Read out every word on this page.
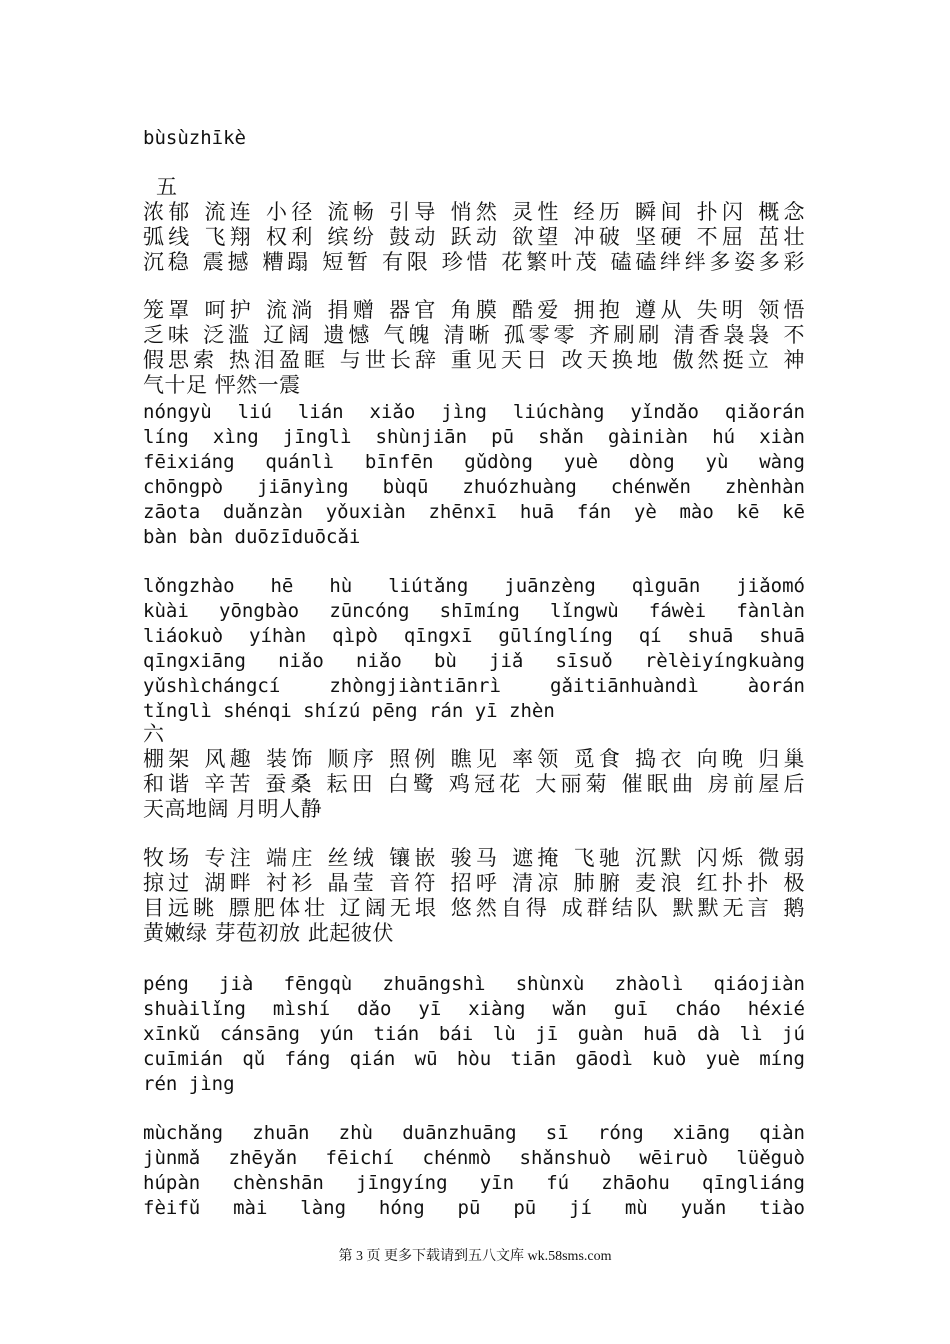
bùsùzhīkè
五
浓郁 流连 小径 流畅 引导 悄然 灵性 经历 瞬间 扑闪 概念
弧线 飞翔 权利 缤纷 鼓动 跃动 欲望 冲破 坚硬 不屈 茁壮
沉稳 震撼 糟蹋 短暂 有限 珍惜 花繁叶茂 磕磕绊绊多姿多彩
笼罩 呵护 流淌 捐赠 器官 角膜 酷爱 拥抱 遵从 失明 领悟
乏味 泛滥 辽阔 遗憾 气魄 清晰 孤零零 齐刷刷 清香袅袅 不
假思索 热泪盈眶 与世长辞 重见天日 改天换地 傲然挺立 神
气十足 怦然一震
nóngyù liú lián xiǎo jìng liúchàng yǐndǎo qiǎorán
líng xìng jīnglì shùnjiān pū shǎn gàiniàn hú xiàn
fēixiáng quánlì bīnfēn gǔdòng yuè dòng yù wàng
chōngpò jiānyìng bùqū zhuózhuàng chénwěn zhènhàn
zāota duǎnzàn yǒuxiàn zhēnxī huā fán yè mào kē kē
bàn bàn duōzīduōcǎi
lǒngzhào hē hù liútǎng juānzèng qìguān jiǎomó
kùài yōngbào zūncóng shīmíng lǐngwù fáwèi fànlàn
liáokuò yíhàn qìpò qīngxī gūlínglíng qí shuā shuā
qīngxiāng niǎo niǎo bù jiǎ sīsuǒ rèlèiyíngkuàng
yǔshìchángcí zhòngjiàntiānrì gǎitiānhuàndì àorán
tǐnglì shénqi shízú pēng rán yī zhèn
六
棚架 风趣 装饰 顺序 照例 瞧见 率领 觅食 捣衣 向晚 归巢
和谐 辛苦 蚕桑 耘田 白鹭 鸡冠花 大丽菊 催眠曲 房前屋后
天高地阔 月明人静
牧场 专注 端庄 丝绒 镶嵌 骏马 遮掩 飞驰 沉默 闪烁 微弱
掠过 湖畔 衬衫 晶莹 音符 招呼 清凉 肺腑 麦浪 红扑扑 极
目远眺 膘肥体壮 辽阔无垠 悠然自得 成群结队 默默无言 鹅
黄嫩绿 芽苞初放 此起彼伏
péng jià fēngqù zhuāngshì shùnxù zhàolì qiáojiàn
shuàilǐng mìshí dǎo yī xiàng wǎn guī cháo héxié
xīnkǔ cánsāng yún tián bái lù jī guàn huā dà lì jú
cuīmián qǔ fáng qián wū hòu tiān gāodì kuò yuè míng
rén jìng
mùchǎng zhuān zhù duānzhuāng sī róng xiāng qiàn
jùnmǎ zhēyǎn fēichí chénmò shǎnshuò wēiruò lüěguò
húpàn chènshān jīngyíng yīn fú zhāohu qīngliáng
fèifǔ mài làng hóng pū pū jí mù yuǎn tiào
第 3 页 更多下载请到五八文库 wk.58sms.com
